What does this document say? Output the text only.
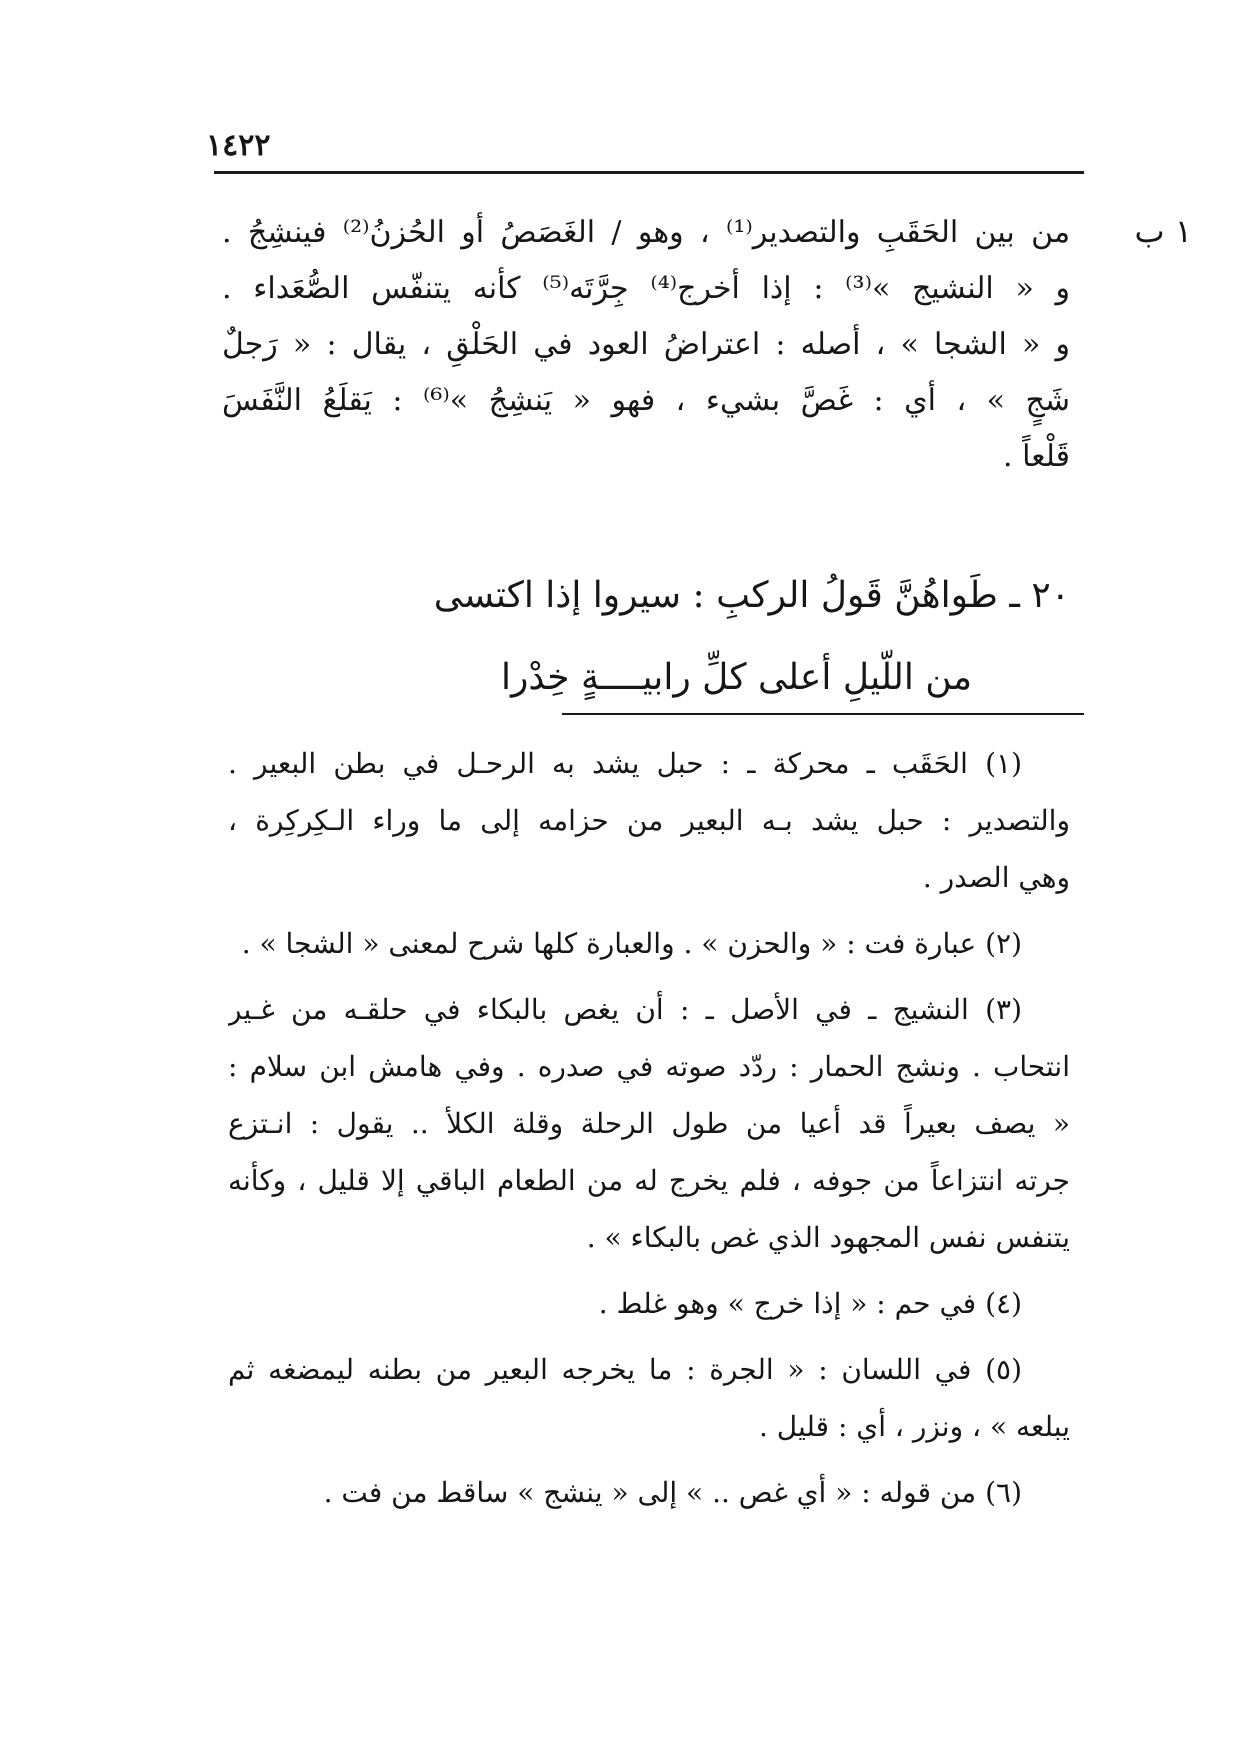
١٤٢٢
١ ب
من بين الحَقَبِ والتصدير⁽¹⁾ ، وهو / الغَصَصُ أو الحُزنُ⁽²⁾ فينشِجُ .
و « النشيج »⁽³⁾ : إذا أخرج⁽⁴⁾ جِرَّتَه⁽⁵⁾ كأنه يتنفّس الصُّعَداء .
و « الشجا » ، أصله : اعتراضُ العود في الحَلْقِ ، يقال : « رَجلٌ
شَجٍ » ، أي : غَصَّ بشيء ، فهو « يَنشِجُ »⁽⁶⁾ : يَقلَعُ النَّفَسَ
قَلْعاً .
٢٠ ـ طَواهُنَّ قَولُ الركبِ : سيروا إذا اكتسى
من اللّيلِ أعلى كلِّ رابيــــةٍ خِدْرا
(١) الحَقَب ـ محركة ـ : حبل يشد به الرحـل في بطن البعير .
والتصدير : حبل يشد بـه البعير من حزامه إلى ما وراء الـكِركِرة ،
وهي الصدر .
(٢) عبارة فت : « والحزن » . والعبارة كلها شرح لمعنى « الشجا » .
(٣) النشيج ـ في الأصل ـ : أن يغص بالبكاء في حلقـه من غـير
انتحاب . ونشج الحمار : ردّد صوته في صدره . وفي هامش ابن سلام :
« يصف بعيراً قد أعيا من طول الرحلة وقلة الكلأ .. يقول : انـتزع
جرته انتزاعاً من جوفه ، فلم يخرج له من الطعام الباقي إلا قليل ، وكأنه
يتنفس نفس المجهود الذي غص بالبكاء » .
(٤) في حم : « إذا خرج » وهو غلط .
(٥) في اللسان : « الجرة : ما يخرجه البعير من بطنه ليمضغه ثم
يبلعه » ، ونزر ، أي : قليل .
(٦) من قوله : « أي غص .. » إلى « ينشج » ساقط من فت .
